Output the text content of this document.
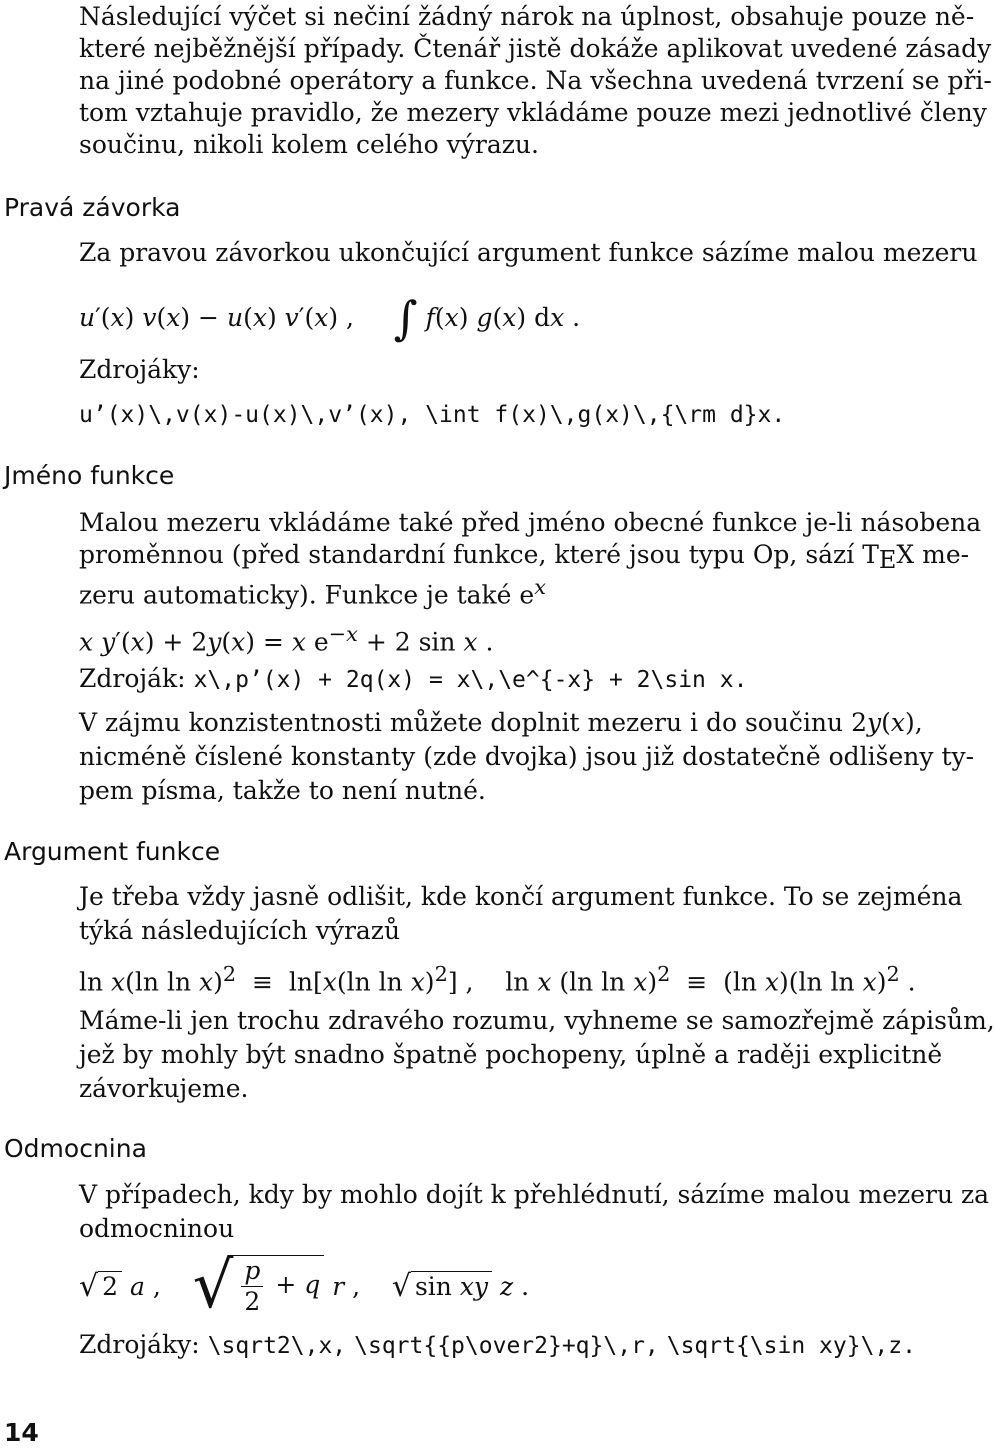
Následující výčet si nečiní žádný nárok na úplnost, obsahuje pouze ně-
které nejběžnější případy. Čtenář jistě dokáže aplikovat uvedené zásady
na jiné podobné operátory a funkce. Na všechna uvedená tvrzení se při-
tom vztahuje pravidlo, že mezery vkládáme pouze mezi jednotlivé členy
součinu, nikoli kolem celého výrazu.
Pravá závorka
Za pravou závorkou ukončující argument funkce sázíme malou mezeru
u′(x) v(x) − u(x) v′(x) ,     ∫ f(x) g(x) dx .
Zdrojáky:
u’(x)\,v(x)-u(x)\,v’(x), \int f(x)\,g(x)\,{\rm d}x.
Jméno funkce
Malou mezeru vkládáme také před jméno obecné funkce je-li násobena
proměnnou (před standardní funkce, které jsou typu Op, sází TEX me-
zeru automaticky). Funkce je také $e^x$
x y′(x) + 2y(x) = x $e^{-x} + 2$ sin x .
Zdroják: x\,p’(x) + 2q(x) = x\,\e^{-x} + 2\sin x.
V zájmu konzistentnosti můžete doplnit mezeru i do součinu 2y(x),
nicméně číslené konstanty (zde dvojka) jsou již dostatečně odlišeny ty-
pem písma, takže to není nutné.
Argument funkce
Je třeba vždy jasně odlišit, kde končí argument funkce. To se zejména
týká následujících výrazů
ln x(ln ln x)$^2$  ≡  ln[x(ln ln x)$^2$] ,    ln x (ln ln x)$^2$  ≡  (ln x)(ln ln x)$^2$ .
Máme-li jen trochu zdravého rozumu, vyhneme se samozřejmě zápisům,
jež by mohly být snadno špatně pochopeny, úplně a raději explicitně
závorkujeme.
Odmocnina
V případech, kdy by mohlo dojít k přehlédnutí, sázíme malou mezeru za
odmocninou
√ 2
a , √ $\frac{p}{2} + q$
r , √ sin xy
z .
Zdrojáky: \sqrt2\,x, \sqrt{{p\over2}+q}\,r, \sqrt{\sin xy}\,z.
14
